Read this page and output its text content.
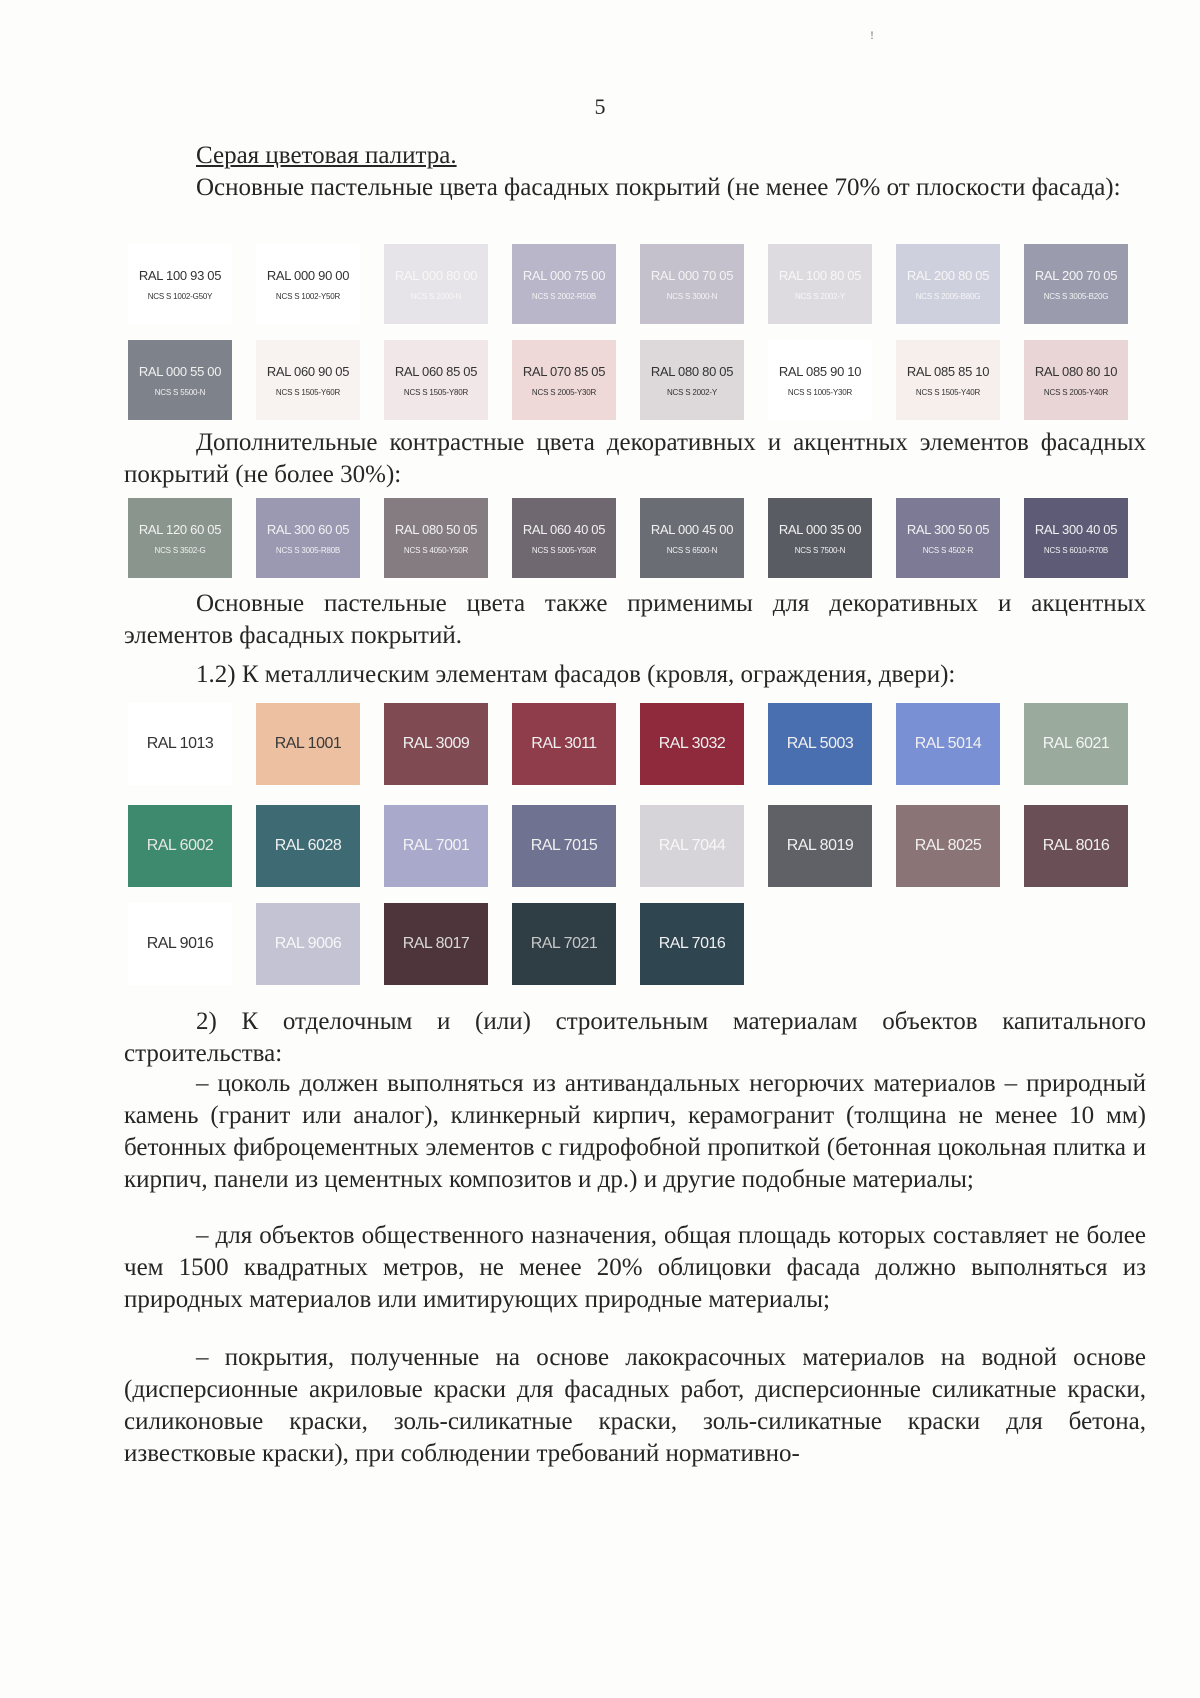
!
5

Серая цветовая палитра.

Основные пастельные цвета фасадных покрытий (не менее 70% от плоскости фасада):

RAL 100 93 05
NCS S 1002-G50Y
RAL 000 90 00
NCS S 1002-Y50R
RAL 000 80 00
NCS S 2000-N
RAL 000 75 00
NCS S 2002-R50B
RAL 000 70 05
NCS S 3000-N
RAL 100 80 05
NCS S 2002-Y
RAL 200 80 05
NCS S 2005-B80G
RAL 200 70 05
NCS S 3005-B20G
RAL 000 55 00
NCS S 5500-N
RAL 060 90 05
NCS S 1505-Y60R
RAL 060 85 05
NCS S 1505-Y80R
RAL 070 85 05
NCS S 2005-Y30R
RAL 080 80 05
NCS S 2002-Y
RAL 085 90 10
NCS S 1005-Y30R
RAL 085 85 10
NCS S 1505-Y40R
RAL 080 80 10
NCS S 2005-Y40R

Дополнительные контрастные цвета декоративных и акцентных элементов фасадных покрытий (не более 30%):

RAL 120 60 05
NCS S 3502-G
RAL 300 60 05
NCS S 3005-R80B
RAL 080 50 05
NCS S 4050-Y50R
RAL 060 40 05
NCS S 5005-Y50R
RAL 000 45 00
NCS S 6500-N
RAL 000 35 00
NCS S 7500-N
RAL 300 50 05
NCS S 4502-R
RAL 300 40 05
NCS S 6010-R70B

Основные пастельные цвета также применимы для декоративных и акцентных элементов фасадных покрытий.

1.2) К металлическим элементам фасадов (кровля, ограждения, двери):

RAL 1013	RAL 1001	RAL 3009	RAL 3011	RAL 3032	RAL 5003	RAL 5014	RAL 6021
RAL 6002	RAL 6028	RAL 7001	RAL 7015	RAL 7044	RAL 8019	RAL 8025	RAL 8016
RAL 9016	RAL 9006	RAL 8017	RAL 7021	RAL 7016

2) К отделочным и (или) строительным материалам объектов капитального строительства:

– цоколь должен выполняться из антивандальных негорючих материалов – природный камень (гранит или аналог), клинкерный кирпич, керамогранит (толщина не менее 10 мм) бетонных фиброцементных элементов с гидрофобной пропиткой (бетонная цокольная плитка и кирпич, панели из цементных композитов и др.) и другие подобные материалы;

– для объектов общественного назначения, общая площадь которых составляет не более чем 1500 квадратных метров, не менее 20% облицовки фасада должно выполняться из природных материалов или имитирующих природные материалы;

– покрытия, полученные на основе лакокрасочных материалов на водной основе (дисперсионные акриловые краски для фасадных работ, дисперсионные силикатные краски, силиконовые краски, золь-силикатные краски, золь-силикатные краски для бетона, известковые краски), при соблюдении требований нормативно-
